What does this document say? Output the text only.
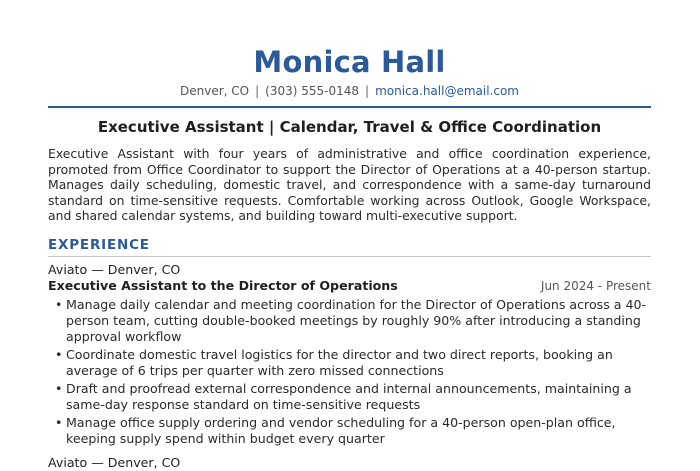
Monica Hall
Denver, CO | (303) 555-0148 | monica.hall@email.com
Executive Assistant | Calendar, Travel & Office Coordination
Executive Assistant with four years of administrative and office coordination experience, promoted from Office Coordinator to support the Director of Operations at a 40-person startup. Manages daily scheduling, domestic travel, and correspondence with a same-day turnaround standard on time-sensitive requests. Comfortable working across Outlook, Google Workspace, and shared calendar systems, and building toward multi-executive support.
EXPERIENCE
Aviato — Denver, CO
Executive Assistant to the Director of Operations	Jun 2024 - Present
• Manage daily calendar and meeting coordination for the Director of Operations across a 40-person team, cutting double-booked meetings by roughly 90% after introducing a standing approval workflow
• Coordinate domestic travel logistics for the director and two direct reports, booking an average of 6 trips per quarter with zero missed connections
• Draft and proofread external correspondence and internal announcements, maintaining a same-day response standard on time-sensitive requests
• Manage office supply ordering and vendor scheduling for a 40-person open-plan office, keeping supply spend within budget every quarter
Aviato — Denver, CO
